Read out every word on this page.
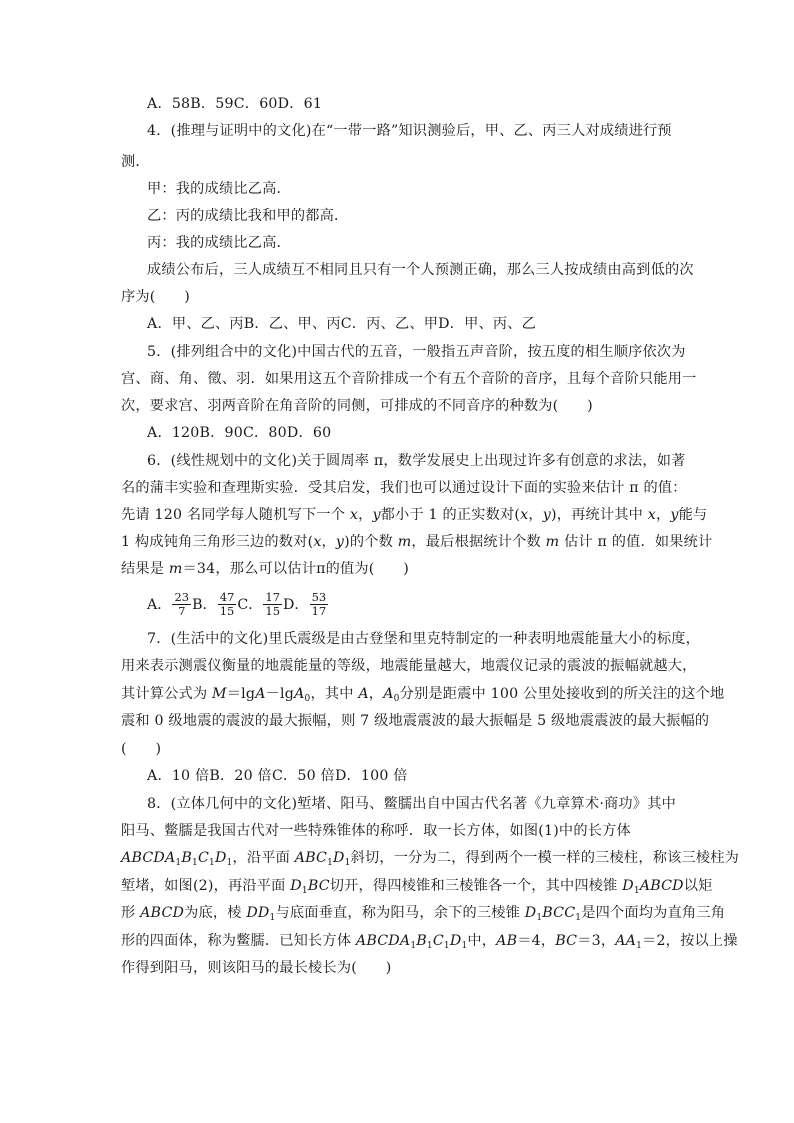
A．58B．59C．60D．61
4．(推理与证明中的文化)在“一带一路”知识测验后，甲、乙、丙三人对成绩进行预
测．
甲：我的成绩比乙高．
乙：丙的成绩比我和甲的都高．
丙：我的成绩比乙高．
成绩公布后，三人成绩互不相同且只有一个人预测正确，那么三人按成绩由高到低的次
序为(　　)
A．甲、乙、丙B．乙、甲、丙C．丙、乙、甲D．甲、丙、乙
5．(排列组合中的文化)中国古代的五音，一般指五声音阶，按五度的相生顺序依次为
宫、商、角、徵、羽．如果用这五个音阶排成一个有五个音阶的音序，且每个音阶只能用一
次，要求宫、羽两音阶在角音阶的同侧，可排成的不同音序的种数为(　　)
A．120B．90C．80D．60
6．(线性规划中的文化)关于圆周率 π，数学发展史上出现过许多有创意的求法，如著
名的蒲丰实验和查理斯实验．受其启发，我们也可以通过设计下面的实验来估计 π 的值：
先请 120 名同学每人随机写下一个 x，y都小于 1 的正实数对(x，y)，再统计其中 x，y能与
1 构成钝角三角形三边的数对(x，y)的个数 m，最后根据统计个数 m 估计 π 的值．如果统计
结果是 m＝34，那么可以估计π的值为(　　)
A． $\frac{23}{7}$ B． $\frac{47}{15}$ C． $\frac{17}{15}$ D． $\frac{53}{17}$
7．(生活中的文化)里氏震级是由古登堡和里克特制定的一种表明地震能量大小的标度，
用来表示测震仪衡量的地震能量的等级，地震能量越大，地震仪记录的震波的振幅就越大，
其计算公式为 M＝lgA－lgA$_0$，其中 A，$A_0$分别是距震中 100 公里处接收到的所关注的这个地
震和 0 级地震的震波的最大振幅，则 7 级地震震波的最大振幅是 5 级地震震波的最大振幅的
(　　)
A．10 倍B．20 倍C．50 倍D．100 倍
8．(立体几何中的文化)堑堵、阳马、鳖臑出自中国古代名著《九章算术·商功》其中
阳马、鳖臑是我国古代对一些特殊锥体的称呼．取一长方体，如图(1)中的长方体
$ABCDA_1B_1C_1D_1$，沿平面 $ABC_1D_1$斜切，一分为二，得到两个一模一样的三棱柱，称该三棱柱为
堑堵，如图(2)，再沿平面 $D_1BC$切开，得四棱锥和三棱锥各一个，其中四棱锥 $D_1ABCD$以矩
形 ABCD为底，棱 $DD_1$与底面垂直，称为阳马，余下的三棱锥 $D_1BCC_1$是四个面均为直角三角
形的四面体，称为鳖臑．已知长方体 $ABCDA_1B_1C_1D_1$中，AB＝4，BC＝3，$AA_1=2$，按以上操
作得到阳马，则该阳马的最长棱长为(　　)
